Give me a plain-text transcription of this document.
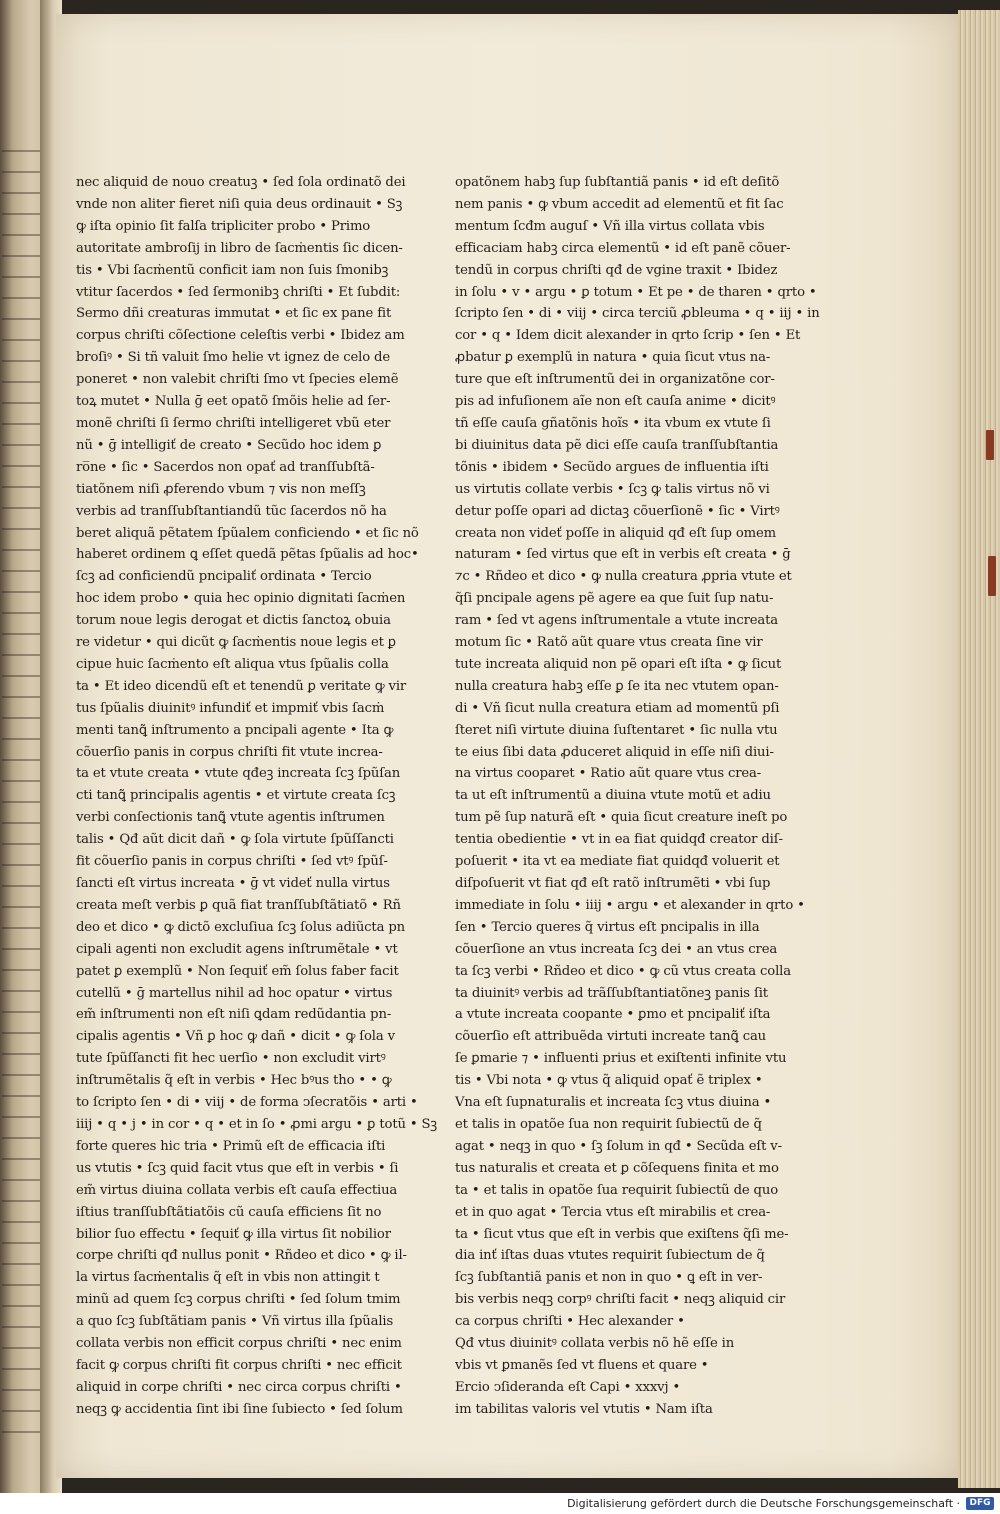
nec aliquid de nouo creatuꝫ • ſed ſola ordinatõ dei
vnde non aliter fieret niſi quia deus ordinauit • Sꝫ
ꝙ iſta opinio ſit falſa tripliciter probo • Primo
autoritate ambroſij in libro de ſacṁentis ſic dicen-
tis • Vbi ſacṁentũ conficit iam non ſuis ſmonibꝫ
vtitur ſacerdos • ſed ſermonibꝫ chriſti • Et ſubdit:
Sermo dñi creaturas immutat • et ſic ex pane fit
corpus chriſti cõſectione celeſtis verbi • Ibidez am
broſiꝰ • Si tñ valuit ſmo helie vt ignez de celo de
poneret • non valebit chriſti ſmo vt ſpecies elemẽ
toꝝ mutet • Nulla ḡ eet opatõ ſmõis helie ad ſer-
monẽ chriſti ſi ſermo chriſti intelligeret vbũ eter
nũ • ḡ intelligiť de creato • Secũdo hoc idem ꝑ
ro̅ne • ſic • Sacerdos non opať ad tranſſubſtã-
tiatõnem niſi ꝓferendo vbum ⁊ vis non meſſꝫ
verbis ad tranſſubſtantiandũ tũc ſacerdos nõ ha
beret aliquã pẽtatem ſpũalem conficiendo • et ſic nõ
haberet ordinem ꝗ eſſet quedã pẽtas ſpũalis ad hoc•
ſcꝫ ad conficiendũ pncipaliť ordinata • Tercio
hoc idem probo • quia hec opinio dignitati ſacṁen
torum noue legis derogat et dictis ſanctoꝝ obuia
re videtur • qui dicũt ꝙ ſacṁentis noue legis et ꝑ
cipue huic ſacṁento eſt aliqua vtus ſpũalis colla
ta • Et ideo dicendũ eſt et tenendũ ꝑ veritate ꝙ vir
tus ſpũalis diuinitꝰ infundiť et impmiť vbis ſacṁ
menti tanꝗ̃ inſtrumento a pncipali agente • Ita ꝙ
cõuerſio panis in corpus chriſti fit vtute increa-
ta et vtute creata • vtute qđeꝫ increata ſcꝫ ſpũſan
cti tanꝗ̃ principalis agentis • et virtute creata ſcꝫ
verbi conſectionis tanꝗ̃ vtute agentis inſtrumen
talis • Qđ aũt dicit dañ • ꝙ ſola virtute ſpũſſancti
fit cõuerſio panis in corpus chriſti • ſed vtꝰ ſpũſ-
ſancti eſt virtus increata • ḡ vt videť nulla virtus
creata meſt verbis ꝑ quã fiat tranſſubſtãtiatõ • Rñ
deo et dico • ꝙ dictõ excluſiua ſcꝫ ſolus adiũcta pn
cipali agenti non excludit agens inſtrumẽtale • vt
patet ꝑ exemplũ • Non ſequiť em̃ ſolus faber facit
cutellũ • ḡ martellus nihil ad hoc opatur • virtus
em̃ inſtrumenti non eſt niſi ꝗdam redũdantia pn-
cipalis agentis • Vñ ꝑ hoc ꝙ dañ • dicit • ꝙ ſola v
tute ſpũſſancti fit hec uerſio • non excludit virtꝰ
inſtrumẽtalis q̃ eſt in verbis • Hec bꝰus tho • • ꝙ
to ſcripto ſen • di • viij • de forma ↄſecratõis • arti •
iiij • q • j • in cor • q • et in ſo • ꝓmi argu • ꝑ totũ • Sꝫ
forte queres hic tria • Primũ eſt de efficacia iſti
us vtutis • ſcꝫ quid facit vtus que eſt in verbis • ſi
em̃ virtus diuina collata verbis eſt cauſa effectiua
iſtius tranſſubſtãtiatõis cũ cauſa efficiens ſit no
bilior ſuo effectu • ſequiť ꝙ illa virtus ſit nobilior
corpe chriſti qđ nullus ponit • Rñdeo et dico • ꝙ il-
la virtus ſacṁentalis q̃ eſt in vbis non attingit t
minũ ad quem ſcꝫ corpus chriſti • ſed ſolum tmim
a quo ſcꝫ ſubſtãtiam panis • Vñ virtus illa ſpũalis
collata verbis non efficit corpus chriſti • nec enim
facit ꝙ corpus chriſti fit corpus chriſti • nec efficit
aliquid in corpe chriſti • nec circa corpus chriſti •
neqꝫ ꝙ accidentia ſint ibi ſine ſubiecto • ſed ſolum
opatõnem habꝫ ſup ſubſtantiã panis • id eſt deſitõ
nem panis • ꝙ vbum accedit ad elementũ et fit ſac
mentum ſcđm auguſ • Vñ illa virtus collata vbis
efficaciam habꝫ circa elementũ • id eſt panẽ cõuer-
tendũ in corpus chriſti qđ de vgine traxit • Ibidez
in ſolu • v • argu • ꝑ totum • Et pe • de tharen • qrto •
ſcripto ſen • di • viij • circa terciũ ꝓbleuma • q • iij • in
cor • q • Idem dicit alexander in qrto ſcrip • ſen • Et
ꝓbatur ꝑ exemplũ in natura • quia ſicut vtus na-
ture que eſt inſtrumentũ dei in organizatõne cor-
pis ad infuſionem aĩe non eſt cauſa anime • dicitꝰ
tñ eſſe cauſa gñatõnis hoĩs • ita vbum ex vtute ſi
bi diuinitus data pẽ dici eſſe cauſa tranſſubſtantia
tõnis • ibidem • Secũdo argues de influentia iſti
us virtutis collate verbis • ſcꝫ ꝙ talis virtus nõ vi
detur poſſe opari ad dictaꝫ cõuerſionẽ • ſic • Virtꝰ
creata non videť poſſe in aliquid qđ eſt ſup omem
naturam • ſed virtus que eſt in verbis eſt creata • ḡ
⁊c • Rñdeo et dico • ꝙ nulla creatura ꝓpria vtute et
q̃ſi pncipale agens pẽ agere ea que ſuit ſup natu-
ram • ſed vt agens inſtrumentale a vtute increata
motum ſic • Ratõ aũt quare vtus creata ſine vir
tute increata aliquid non pẽ opari eſt iſta • ꝙ ſicut
nulla creatura habꝫ eſſe ꝑ ſe ita nec vtutem opan-
di • Vñ ſicut nulla creatura etiam ad momentũ pſi
ſteret niſi virtute diuina ſuſtentaret • ſic nulla vtu
te eius ſibi data ꝓduceret aliquid in eſſe niſi diui-
na virtus cooparet • Ratio aũt quare vtus crea-
ta ut eſt inſtrumentũ a diuina vtute motũ et adiu
tum pẽ ſup naturã eſt • quia ſicut creature ineſt po
tentia obedientie • vt in ea fiat quidqđ creator diſ-
poſuerit • ita vt ea mediate fiat quidqđ voluerit et
diſpoſuerit vt fiat qđ eſt ratõ inſtrumẽti • vbi ſup
immediate in ſolu • iiij • argu • et alexander in qrto •
ſen • Tercio queres q̃ virtus eſt pncipalis in illa
cõuerſione an vtus increata ſcꝫ dei • an vtus crea
ta ſcꝫ verbi • Rñdeo et dico • ꝙ cũ vtus creata colla
ta diuinitꝰ verbis ad trãſſubſtantiatõneꝫ panis ſit
a vtute increata coopante • ꝑmo et pncipaliť iſta
cõuerſio eſt attribuẽda virtuti increate tanꝗ̃ cau
ſe ꝑmarie ⁊ • influenti prius et exiſtenti infinite vtu
tis • Vbi nota • ꝙ vtus q̃ aliquid opať ẽ triplex •
Vna eſt ſupnaturalis et increata ſcꝫ vtus diuina •
et talis in opatõe ſua non requirit ſubiectũ de q̃
agat • neqꝫ in quo • ſꝫ ſolum in qđ • Secũda eſt v-
tus naturalis et creata et ꝑ cõſequens finita et mo
ta • et talis in opatõe ſua requirit ſubiectũ de quo
et in quo agat • Tercia vtus eſt mirabilis et crea-
ta • ſicut vtus que eſt in verbis que exiſtens q̃ſi me-
dia inť iſtas duas vtutes requirit ſubiectum de q̃
ſcꝫ ſubſtantiã panis et non in quo • ꝗ eſt in ver-
bis verbis neqꝫ corpꝰ chriſti facit • neqꝫ aliquid cir
ca corpus chriſti • Hec alexander •
Qđ vtus diuinitꝰ collata verbis nõ hẽ eſſe in
vbis vt ꝑmanẽs ſed vt fluens et quare •
Ercio ↄſideranda eſt Capi • xxxvj •
im tabilitas valoris vel vtutis • Nam iſta
Digitalisierung gefördert durch die Deutsche Forschungsgemeinschaft ·	DFG
